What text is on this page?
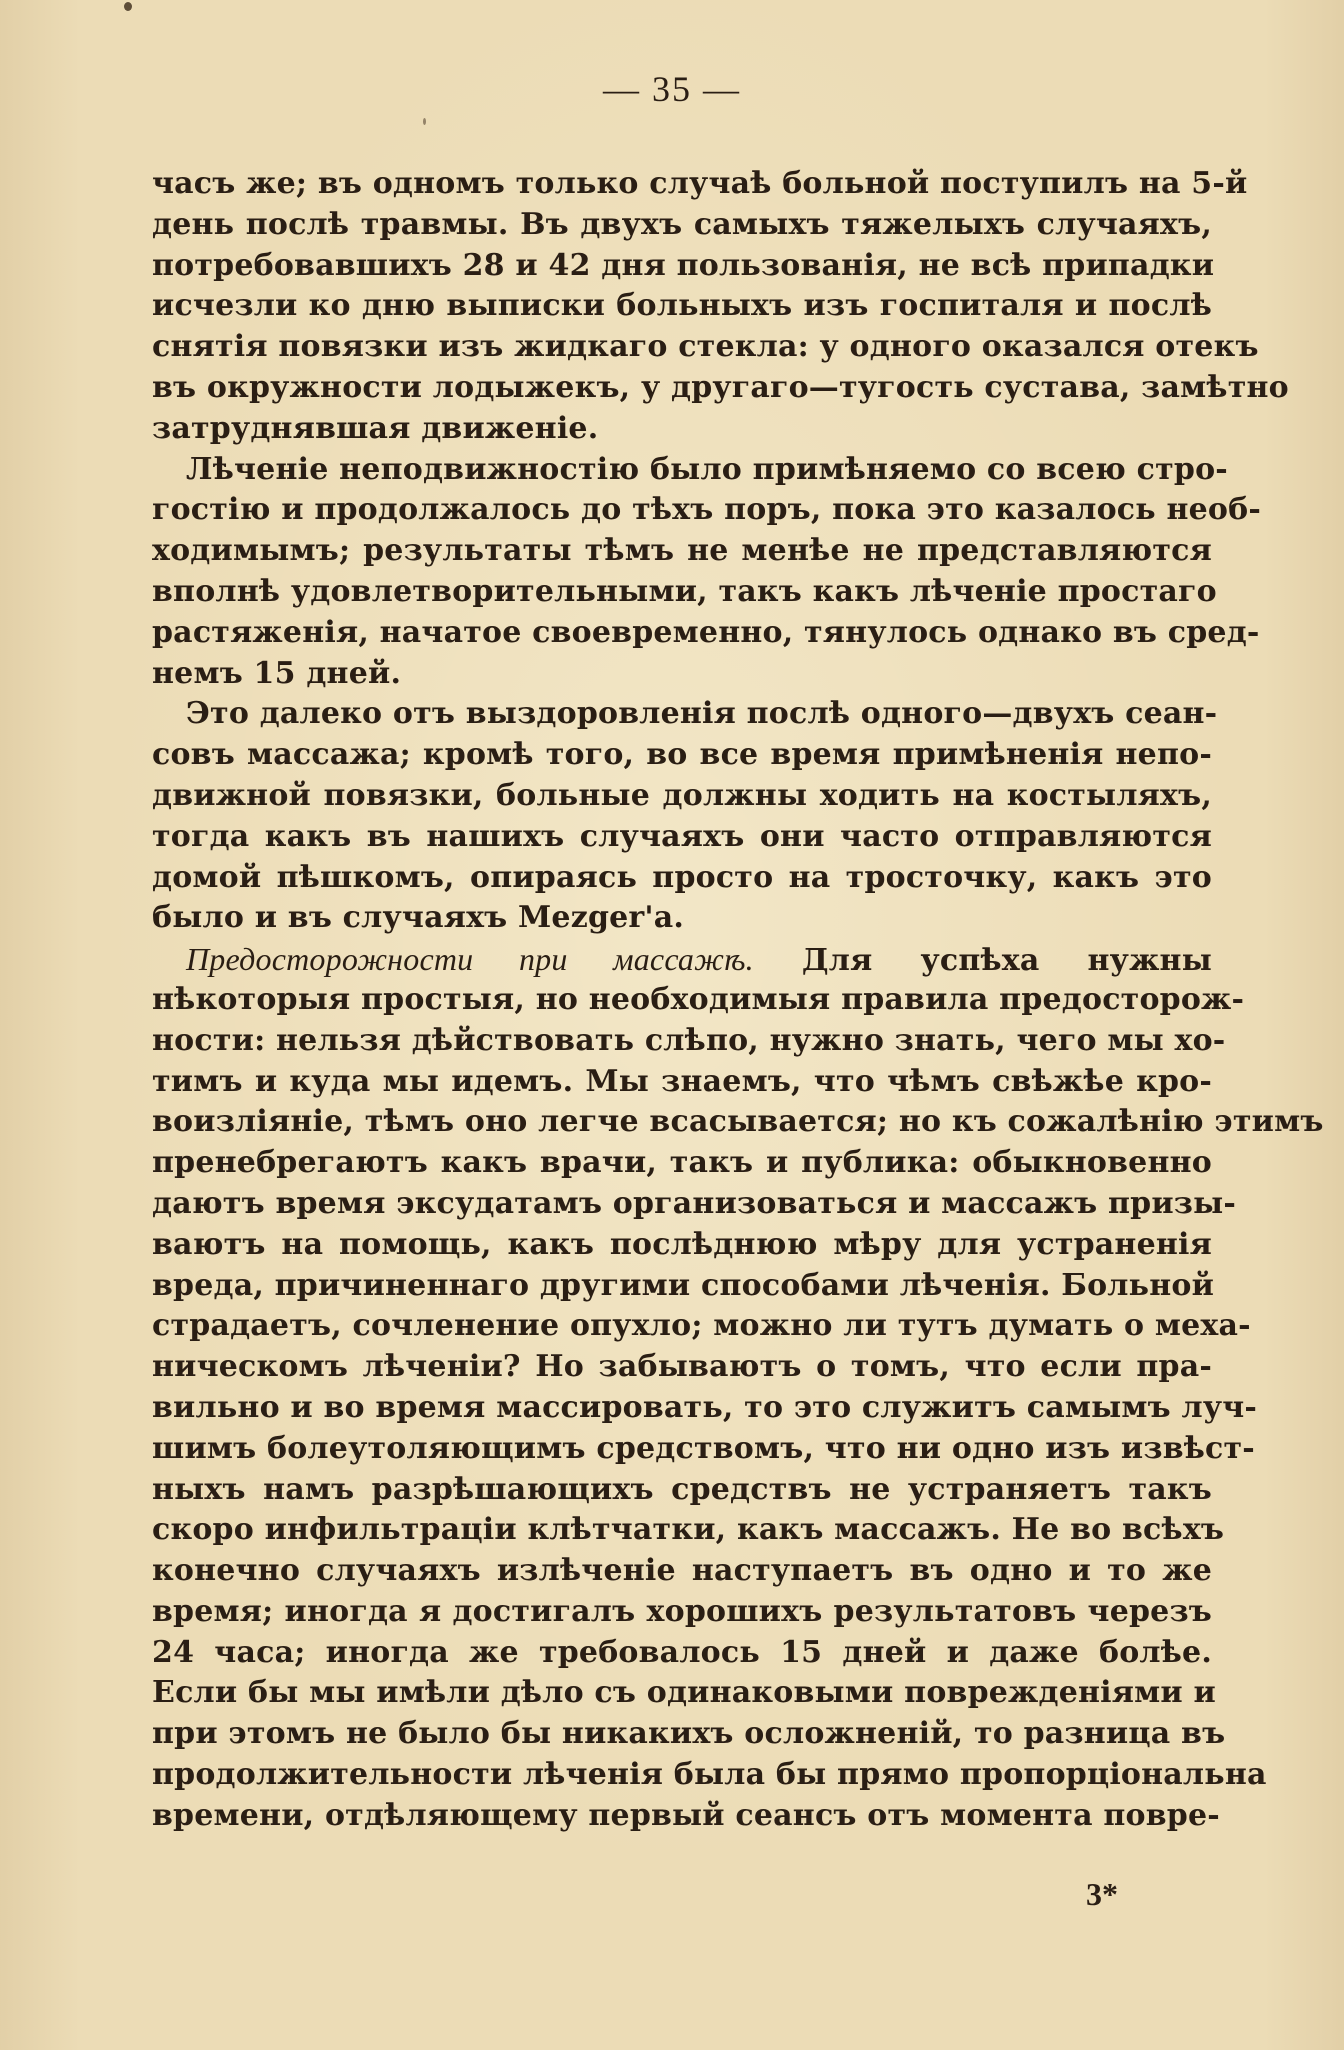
— 35 —
часъ же; въ одномъ только случаѣ больной поступилъ на 5-й
день послѣ травмы. Въ двухъ самыхъ тяжелыхъ случаяхъ,
потребовавшихъ 28 и 42 дня пользованія, не всѣ припадки
исчезли ко дню выписки больныхъ изъ госпиталя и послѣ
снятія повязки изъ жидкаго стекла: у одного оказался отекъ
въ окружности лодыжекъ, у другаго—тугость сустава, замѣтно
затруднявшая движеніе.
Лѣченіе неподвижностію было примѣняемо со всею стро-
гостію и продолжалось до тѣхъ поръ, пока это казалось необ-
ходимымъ; результаты тѣмъ не менѣе не представляются
вполнѣ удовлетворительными, такъ какъ лѣченіе простаго
растяженія, начатое своевременно, тянулось однако въ сред-
немъ 15 дней.
Это далеко отъ выздоровленія послѣ одного—двухъ сеан-
совъ массажа; кромѣ того, во все время примѣненія непо-
движной повязки, больные должны ходить на костыляхъ,
тогда какъ въ нашихъ случаяхъ они часто отправляются
домой пѣшкомъ, опираясь просто на тросточку, какъ это
было и въ случаяхъ Mezger'a.
Предосторожности при массажѣ. Для успѣха нужны
нѣкоторыя простыя, но необходимыя правила предосторож-
ности: нельзя дѣйствовать слѣпо, нужно знать, чего мы хо-
тимъ и куда мы идемъ. Мы знаемъ, что чѣмъ свѣжѣе кро-
воизліяніе, тѣмъ оно легче всасывается; но къ сожалѣнію этимъ
пренебрегаютъ какъ врачи, такъ и публика: обыкновенно
даютъ время эксудатамъ организоваться и массажъ призы-
ваютъ на помощь, какъ послѣднюю мѣру для устраненія
вреда, причиненнаго другими способами лѣченія. Больной
страдаетъ, сочленение опухло; можно ли тутъ думать о меха-
ническомъ лѣченіи? Но забываютъ о томъ, что если пра-
вильно и во время массировать, то это служитъ самымъ луч-
шимъ болеутоляющимъ средствомъ, что ни одно изъ извѣст-
ныхъ намъ разрѣшающихъ средствъ не устраняетъ такъ
скоро инфильтраціи клѣтчатки, какъ массажъ. Не во всѣхъ
конечно случаяхъ излѣченіе наступаетъ въ одно и то же
время; иногда я достигалъ хорошихъ результатовъ черезъ
24 часа; иногда же требовалось 15 дней и даже болѣе.
Если бы мы имѣли дѣло съ одинаковыми поврежденіями и
при этомъ не было бы никакихъ осложненій, то разница въ
продолжительности лѣченія была бы прямо пропорціональна
времени, отдѣляющему первый сеансъ отъ момента повре-
3*
